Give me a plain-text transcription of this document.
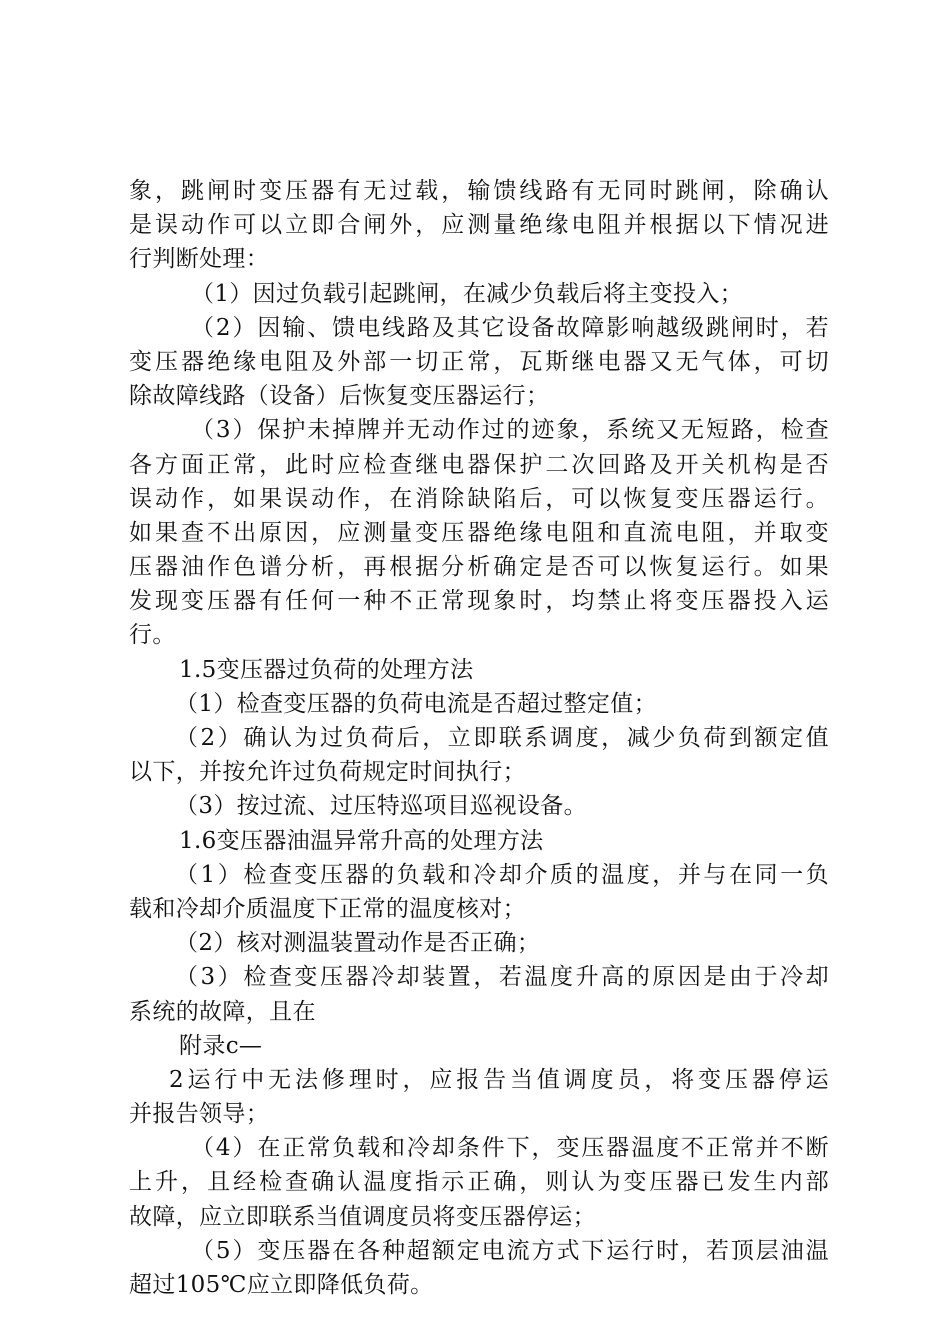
象，跳闸时变压器有无过载，输馈线路有无同时跳闸，除确认
是误动作可以立即合闸外，应测量绝缘电阻并根据以下情况进
行判断处理：
（1）因过负载引起跳闸，在减少负载后将主变投入；
（2）因输、馈电线路及其它设备故障影响越级跳闸时，若
变压器绝缘电阻及外部一切正常，瓦斯继电器又无气体，可切
除故障线路（设备）后恢复变压器运行；
（3）保护未掉牌并无动作过的迹象，系统又无短路，检查
各方面正常，此时应检查继电器保护二次回路及开关机构是否
误动作，如果误动作，在消除缺陷后，可以恢复变压器运行。
如果查不出原因，应测量变压器绝缘电阻和直流电阻，并取变
压器油作色谱分析，再根据分析确定是否可以恢复运行。如果
发现变压器有任何一种不正常现象时，均禁止将变压器投入运
行。
1.5变压器过负荷的处理方法
（1）检查变压器的负荷电流是否超过整定值；
（2）确认为过负荷后，立即联系调度，减少负荷到额定值
以下，并按允许过负荷规定时间执行；
（3）按过流、过压特巡项目巡视设备。
1.6变压器油温异常升高的处理方法
（1）检查变压器的负载和冷却介质的温度，并与在同一负
载和冷却介质温度下正常的温度核对；
（2）核对测温装置动作是否正确；
（3）检查变压器冷却装置，若温度升高的原因是由于冷却
系统的故障，且在
附录c—
2运行中无法修理时，应报告当值调度员，将变压器停运
并报告领导；
（4）在正常负载和冷却条件下，变压器温度不正常并不断
上升，且经检查确认温度指示正确，则认为变压器已发生内部
故障，应立即联系当值调度员将变压器停运；
（5）变压器在各种超额定电流方式下运行时，若顶层油温
超过105℃应立即降低负荷。
